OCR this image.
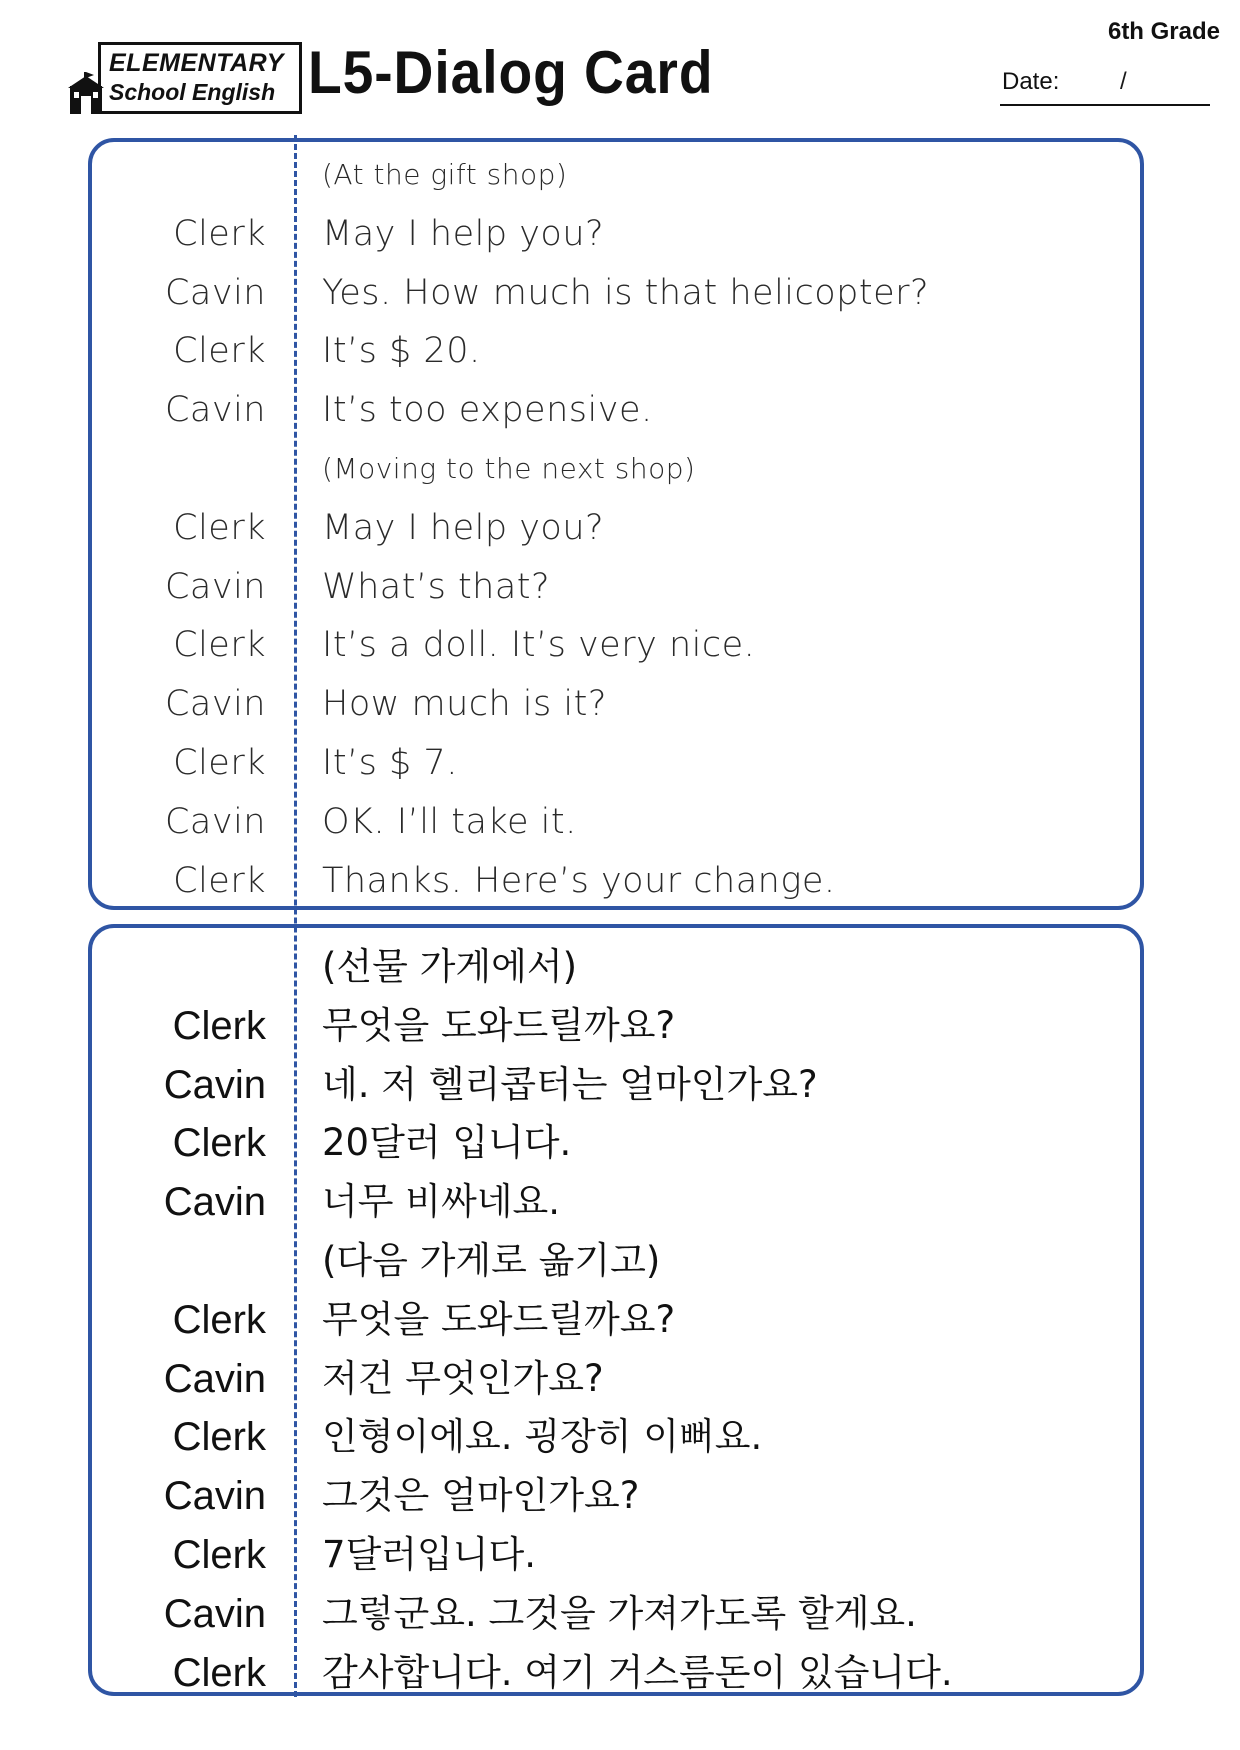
ELEMENTARY
School English L5-Dialog Card
6th Grade
Date:	/
(At the gift shop)
Clerk May I help you?
Cavin Yes. How much is that helicopter?
Clerk It’s $ 20.
Cavin It’s too expensive.
(Moving to the next shop)
Clerk May I help you?
Cavin What’s that?
Clerk It’s a doll. It’s very nice.
Cavin How much is it?
Clerk It’s $ 7.
Cavin OK. I’ll take it.
Clerk Thanks. Here’s your change.
(선물 가게에서)
Clerk 무엇을 도와드릴까요?
Cavin 네. 저 헬리콥터는 얼마인가요?
Clerk 20달러 입니다.
Cavin 너무 비싸네요.
(다음 가게로 옮기고)
Clerk 무엇을 도와드릴까요?
Cavin 저건 무엇인가요?
Clerk 인형이에요. 굉장히 이뻐요.
Cavin 그것은 얼마인가요?
Clerk 7달러입니다.
Cavin 그렇군요. 그것을 가져가도록 할게요.
Clerk 감사합니다. 여기 거스름돈이 있습니다.
